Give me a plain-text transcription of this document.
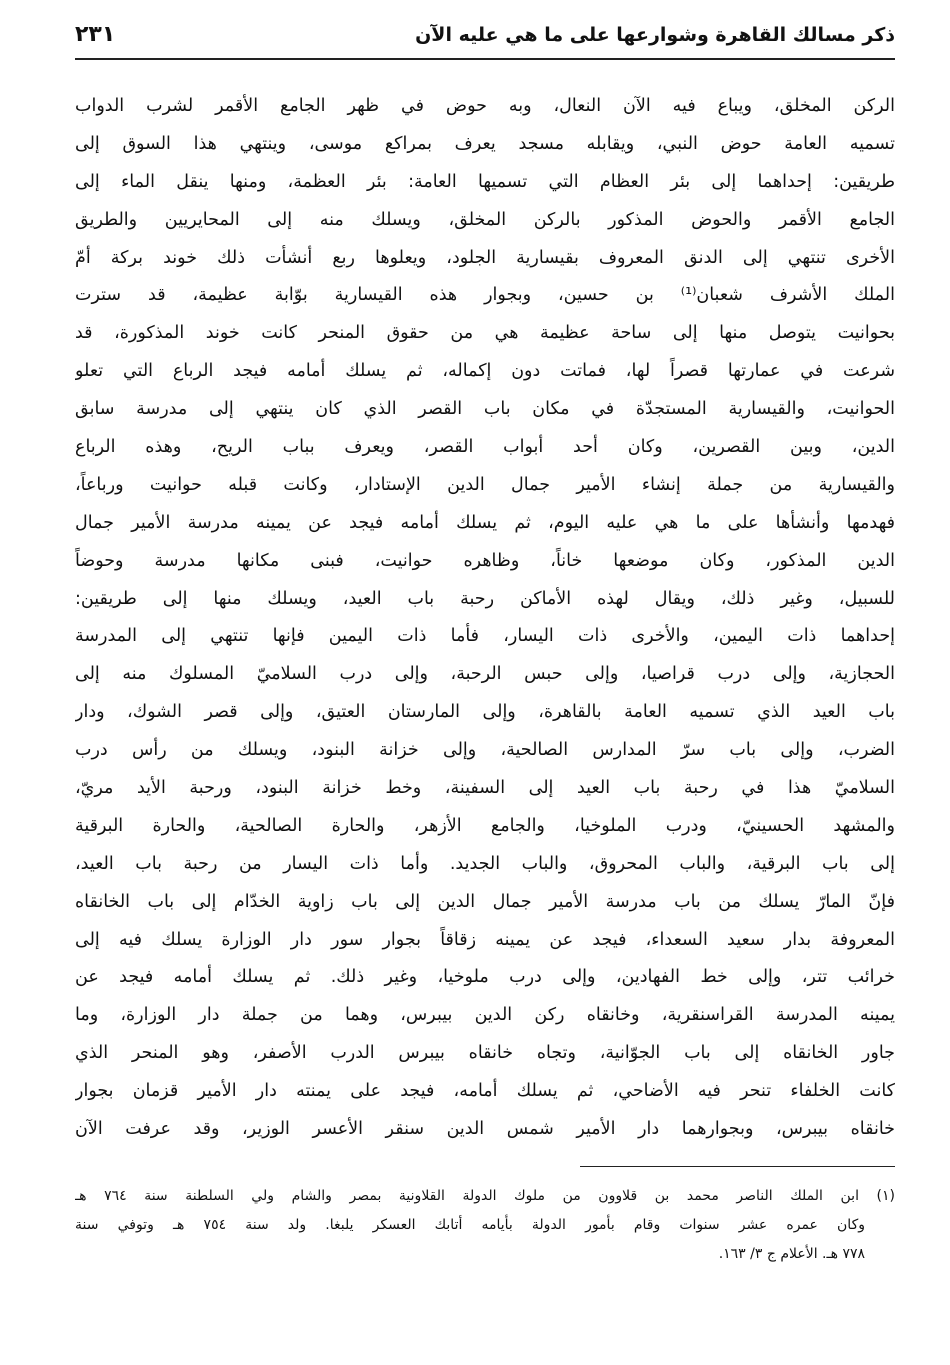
ذكر مسالك القاهرة وشوارعها على ما هي عليه الآن
٢٣١
الركن المخلق، ويباع فيه الآن النعال، وبه حوض في ظهر الجامع الأقمر لشرب الدواب
تسميه العامة حوض النبي، ويقابله مسجد يعرف بمراكع موسى، وينتهي هذا السوق إلى
طريقين: إحداهما إلى بئر العظام التي تسميها العامة: بئر العظمة، ومنها ينقل الماء إلى
الجامع الأقمر والحوض المذكور بالركن المخلق، ويسلك منه إلى المحايريين والطريق
الأخرى تنتهي إلى الدنق المعروف بقيسارية الجلود، ويعلوها ربع أنشأت ذلك خوند بركة أمّ
الملك الأشرف شعبان⁽¹⁾ بن حسين، وبجوار هذه القيسارية بوّابة عظيمة، قد سترت
بحوانيت يتوصل منها إلى ساحة عظيمة هي من حقوق المنحر كانت خوند المذكورة، قد
شرعت في عمارتها قصراً لها، فماتت دون إكماله، ثم يسلك أمامه فيجد الرباع التي تعلو
الحوانيت، والقيسارية المستجدّة في مكان باب القصر الذي كان ينتهي إلى مدرسة سابق
الدين، وبين القصرين، وكان أحد أبواب القصر، ويعرف بباب الريح، وهذه الرباع
والقيسارية من جملة إنشاء الأمير جمال الدين الإستادار، وكانت قبله حوانيت ورباعاً،
فهدمها وأنشأها على ما هي عليه اليوم، ثم يسلك أمامه فيجد عن يمينه مدرسة الأمير جمال
الدين المذكور، وكان موضعها خاناً، وظاهره حوانيت، فبنى مكانها مدرسة وحوضاً
للسبيل، وغير ذلك، ويقال لهذه الأماكن رحبة باب العيد، ويسلك منها إلى طريقين:
إحداهما ذات اليمين، والأخرى ذات اليسار، فأما ذات اليمين فإنها تنتهي إلى المدرسة
الحجازية، وإلى درب قراصيا، وإلى حبس الرحبة، وإلى درب السلاميّ المسلوك منه إلى
باب العيد الذي تسميه العامة بالقاهرة، وإلى المارستان العتيق، وإلى قصر الشوك، ودار
الضرب، وإلى باب سرّ المدارس الصالحية، وإلى خزانة البنود، ويسلك من رأس درب
السلاميّ هذا في رحبة باب العيد إلى السفينة، وخط خزانة البنود، ورحبة الأيد مريّ،
والمشهد الحسينيّ، ودرب الملوخيا، والجامع الأزهر، والحارة الصالحية، والحارة البرقية
إلى باب البرقية، والباب المحروق، والباب الجديد. وأما ذات اليسار من رحبة باب العيد،
فإنّ المارّ يسلك من باب مدرسة الأمير جمال الدين إلى باب زاوية الخدّام إلى باب الخانقاه
المعروفة بدار سعيد السعداء، فيجد عن يمينه زقاقاً بجوار سور دار الوزارة يسلك فيه إلى
خرائب تتر، وإلى خط الفهادين، وإلى درب ملوخيا، وغير ذلك. ثم يسلك أمامه فيجد عن
يمينه المدرسة القراسنقرية، وخانقاه ركن الدين بيبرس، وهما من جملة دار الوزارة، وما
جاور الخانقاه إلى باب الجوّانية، وتجاه خانقاه بيبرس الدرب الأصفر، وهو المنحر الذي
كانت الخلفاء تنحر فيه الأضاحي، ثم يسلك أمامه، فيجد على يمنته دار الأمير قزمان بجوار
خانقاه بيبرس، وبجوارهما دار الأمير شمس الدين سنقر الأعسر الوزير، وقد عرفت الآن
(١) ابن الملك الناصر محمد بن قلاوون من ملوك الدولة القلاونية بمصر والشام ولي السلطنة سنة ٧٦٤ هـ
وكان عمره عشر سنوات وقام بأمور الدولة بأيامه أتابك العسكر يلبغا. ولد سنة ٧٥٤ هـ وتوفي سنة
٧٧٨ هـ. الأعلام ج ٣/ ١٦٣.
